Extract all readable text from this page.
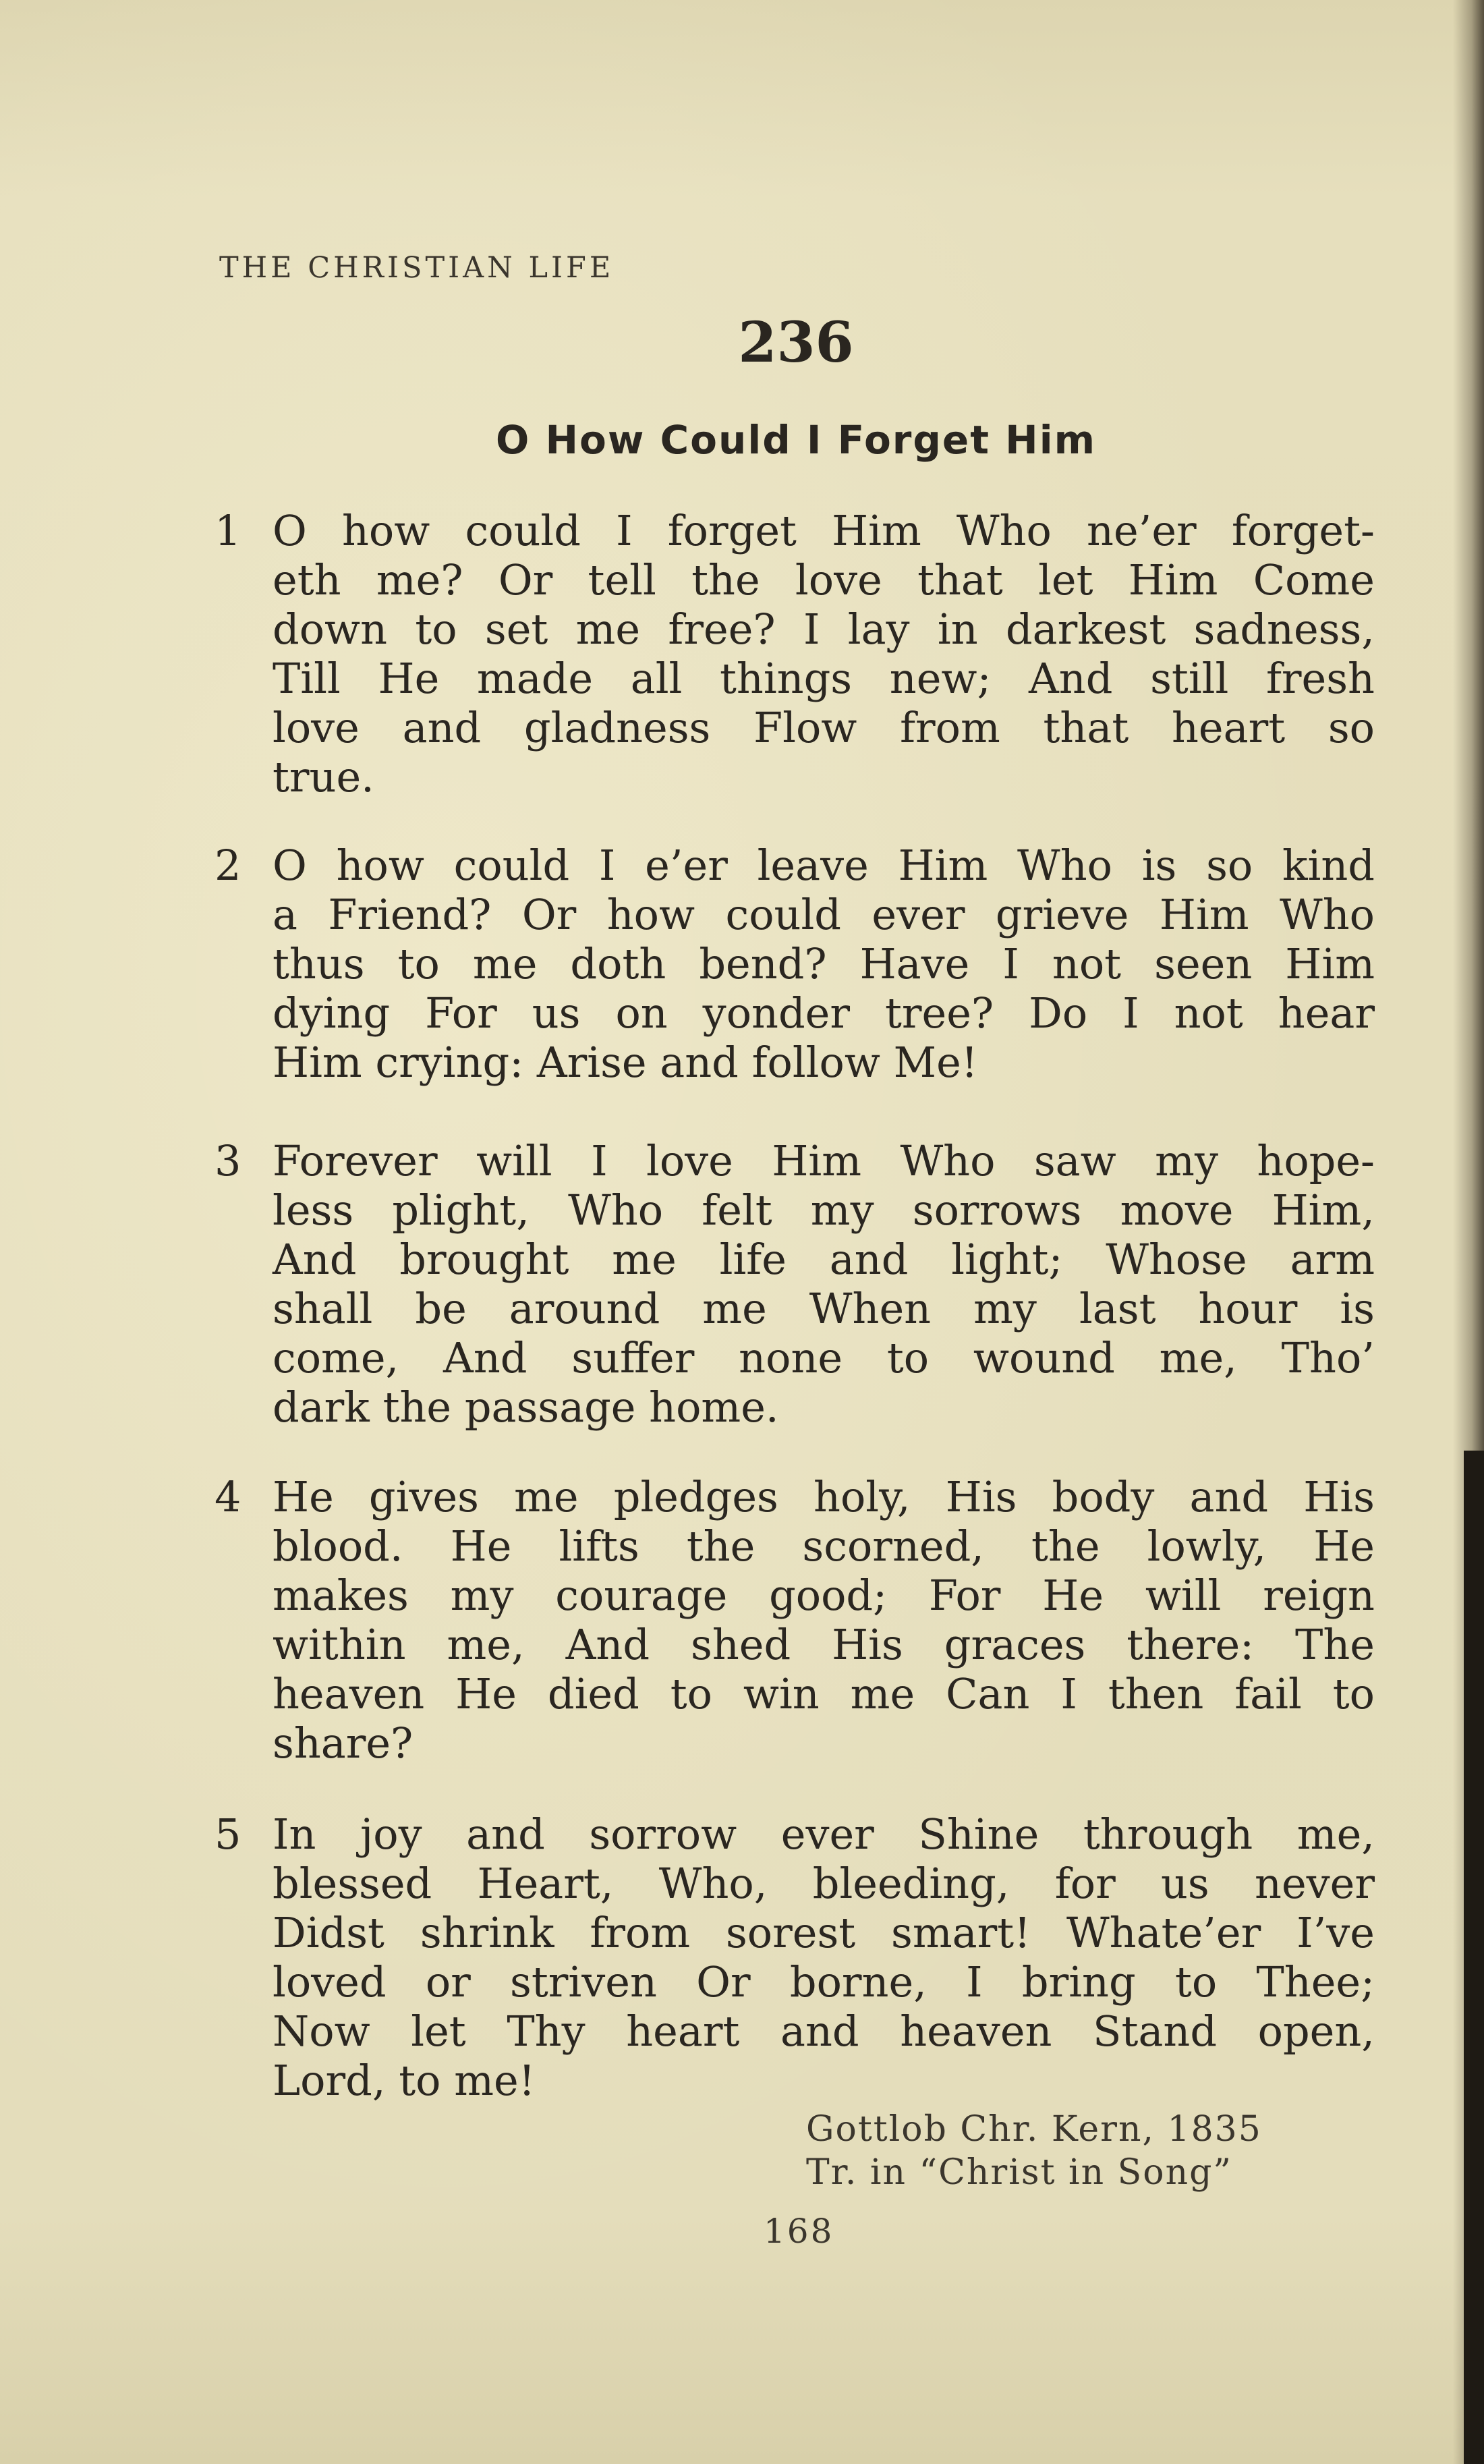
THE CHRISTIAN LIFE
236
O How Could I Forget Him
1 O how could I forget Him Who ne’er forget-
eth me? Or tell the love that let Him Come
down to set me free? I lay in darkest sadness,
Till He made all things new; And still fresh
love and gladness Flow from that heart so
true.
2 O how could I e’er leave Him Who is so kind
a Friend? Or how could ever grieve Him Who
thus to me doth bend? Have I not seen Him
dying For us on yonder tree? Do I not hear
Him crying: Arise and follow Me!
3 Forever will I love Him Who saw my hope-
less plight, Who felt my sorrows move Him,
And brought me life and light; Whose arm
shall be around me When my last hour is
come, And suffer none to wound me, Tho’
dark the passage home.
4 He gives me pledges holy, His body and His
blood. He lifts the scorned, the lowly, He
makes my courage good; For He will reign
within me, And shed His graces there: The
heaven He died to win me Can I then fail to
share?
5 In joy and sorrow ever Shine through me,
blessed Heart, Who, bleeding, for us never
Didst shrink from sorest smart! Whate’er I’ve
loved or striven Or borne, I bring to Thee;
Now let Thy heart and heaven Stand open,
Lord, to me!
Gottlob Chr. Kern, 1835
Tr. in “Christ in Song”
168
